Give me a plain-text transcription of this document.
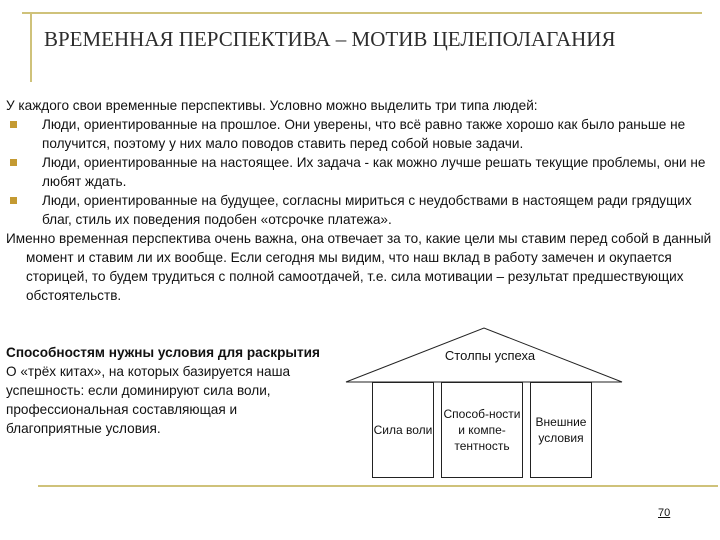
ВРЕМЕННАЯ ПЕРСПЕКТИВА – МОТИВ ЦЕЛЕПОЛАГАНИЯ

У каждого свои временные перспективы. Условно можно выделить три типа людей:

Люди, ориентированные на прошлое. Они уверены, что всё равно также хорошо как было раньше не получится, поэтому у них мало поводов ставить перед собой новые задачи.

Люди, ориентированные на настоящее. Их задача - как можно лучше решать текущие проблемы, они не любят ждать.

Люди, ориентированные на будущее, согласны мириться с неудобствами в настоящем ради грядущих благ, стиль их поведения подобен «отсрочке платежа».

Именно временная перспектива очень важна, она отвечает за то, какие цели мы ставим перед собой в данный момент и ставим ли их вообще. Если сегодня мы видим, что наш вклад в работу замечен и окупается сторицей, то будем трудиться с полной самоотдачей, т.е. сила мотивации – результат предшествующих обстоятельств.

Способностям нужны условия для раскрытия

О «трёх китах», на которых базируется наша успешность: если доминируют сила воли, профессиональная составляющая и благоприятные условия.

Столпы успеха
Сила воли
Способ-ности и компе-тентность
Внешние условия
70
